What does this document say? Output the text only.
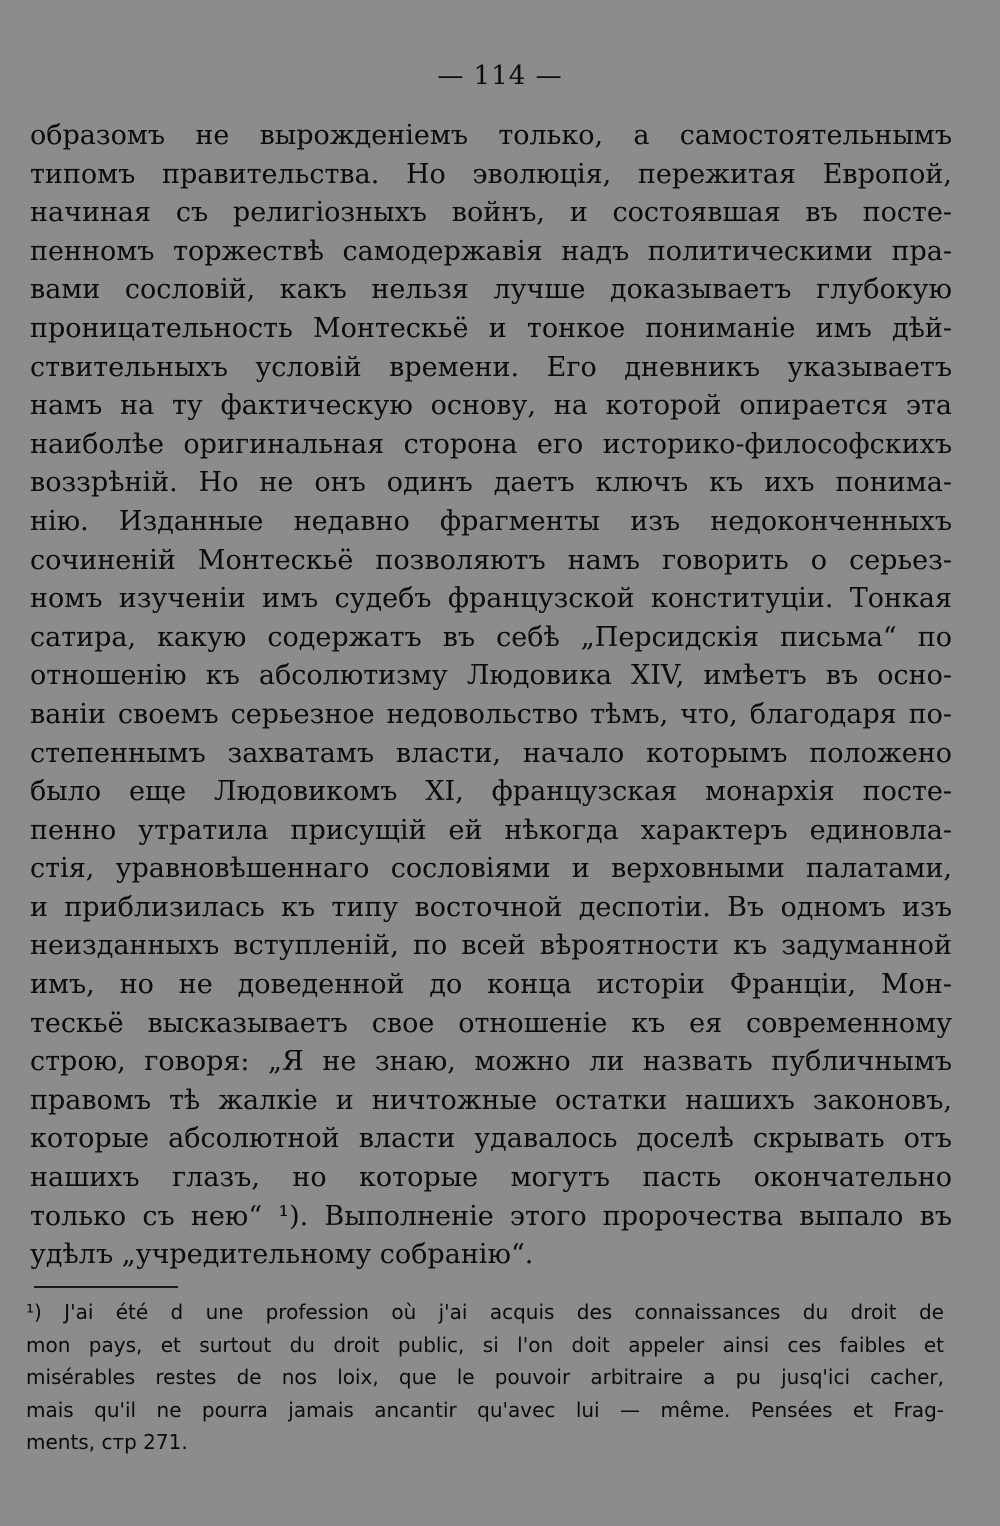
— 114 —
образомъ не вырожденіемъ только, а самостоятельнымъ
типомъ правительства. Но эволюція, пережитая Европой,
начиная съ религіозныхъ войнъ, и состоявшая въ посте-
пенномъ торжествѣ самодержавія надъ политическими пра-
вами сословій, какъ нельзя лучше доказываетъ глубокую
проницательность Монтескьё и тонкое пониманіе имъ дѣй-
ствительныхъ условій времени. Его дневникъ указываетъ
намъ на ту фактическую основу, на которой опирается эта
наиболѣе оригинальная сторона его историко-философскихъ
воззрѣній. Но не онъ одинъ даетъ ключъ къ ихъ понима-
нію. Изданные недавно фрагменты изъ недоконченныхъ
сочиненій Монтескьё позволяютъ намъ говорить о серьез-
номъ изученіи имъ судебъ французской конституціи. Тонкая
сатира, какую содержатъ въ себѣ „Персидскія письма“ по
отношенію къ абсолютизму Людовика XIV, имѣетъ въ осно-
ваніи своемъ серьезное недовольство тѣмъ, что, благодаря по-
степеннымъ захватамъ власти, начало которымъ положено
было еще Людовикомъ XI, французская монархія посте-
пенно утратила присущій ей нѣкогда характеръ единовла-
стія, уравновѣшеннаго сословіями и верховными палатами,
и приблизилась къ типу восточной деспотіи. Въ одномъ изъ
неизданныхъ вступленій, по всей вѣроятности къ задуманной
имъ, но не доведенной до конца исторіи Франціи, Мон-
тескьё высказываетъ свое отношеніе къ ея современному
строю, говоря: „Я не знаю, можно ли назвать публичнымъ
правомъ тѣ жалкіе и ничтожные остатки нашихъ законовъ,
которые абсолютной власти удавалось доселѣ скрывать отъ
нашихъ глазъ, но которые могутъ пасть окончательно
только съ нею“ ¹). Выполненіе этого пророчества выпало въ
удѣлъ „учредительному собранію“.
¹) J'ai été d une profession où j'ai acquis des connaissances du droit de
mon pays, et surtout du droit public, si l'on doit appeler ainsi ces faibles et
misérables restes de nos loix, que le pouvoir arbitraire a pu jusq'ici cacher,
mais qu'il ne pourra jamais ancantir qu'avec lui — même. Pensées et Frag-
ments, стр 271.
